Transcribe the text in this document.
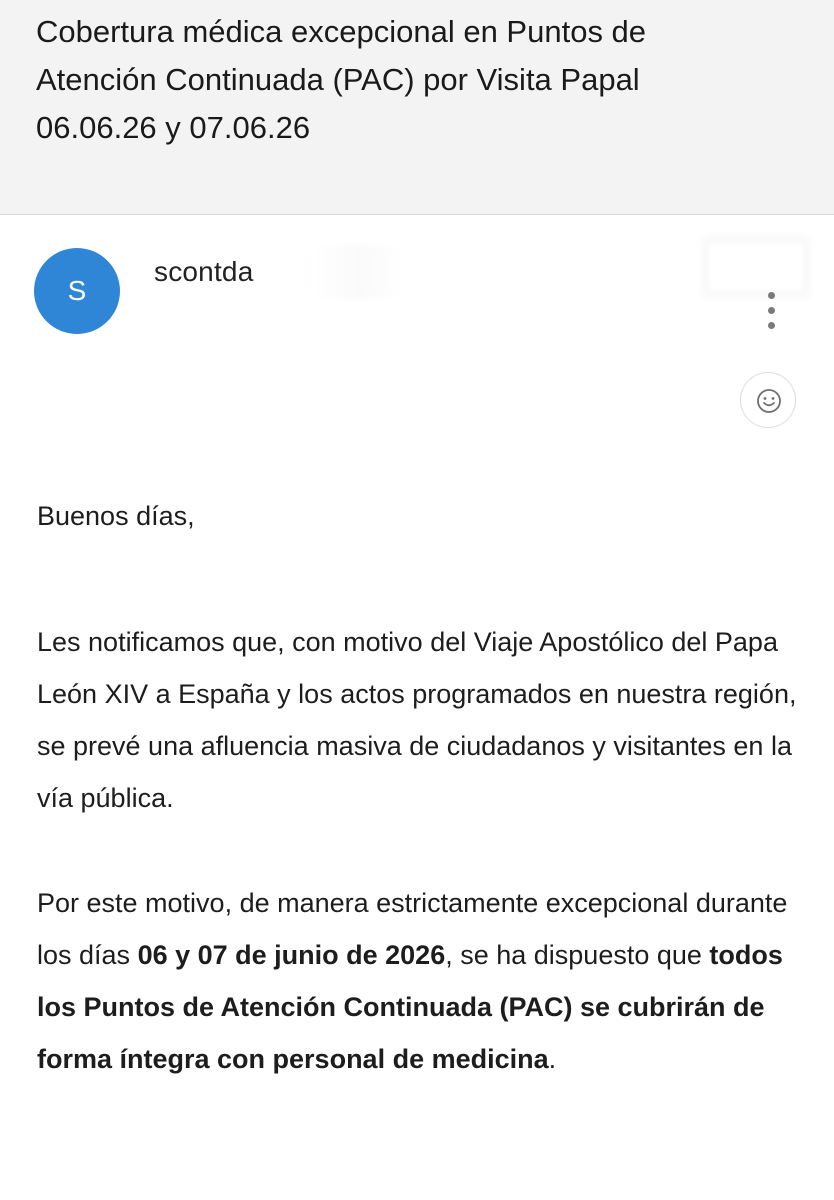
Cobertura médica excepcional en Puntos de
Atención Continuada (PAC) por Visita Papal
06.06.26 y 07.06.26
S
scontda

Buenos días,

Les notificamos que, con motivo del Viaje Apostólico del Papa León XIV a España y los actos programados en nuestra región, se prevé una afluencia masiva de ciudadanos y visitantes en la vía pública.

Por este motivo, de manera estrictamente excepcional durante los días 06 y 07 de junio de 2026, se ha dispuesto que todos los Puntos de Atención Continuada (PAC) se cubrirán de forma íntegra con personal de medicina.
